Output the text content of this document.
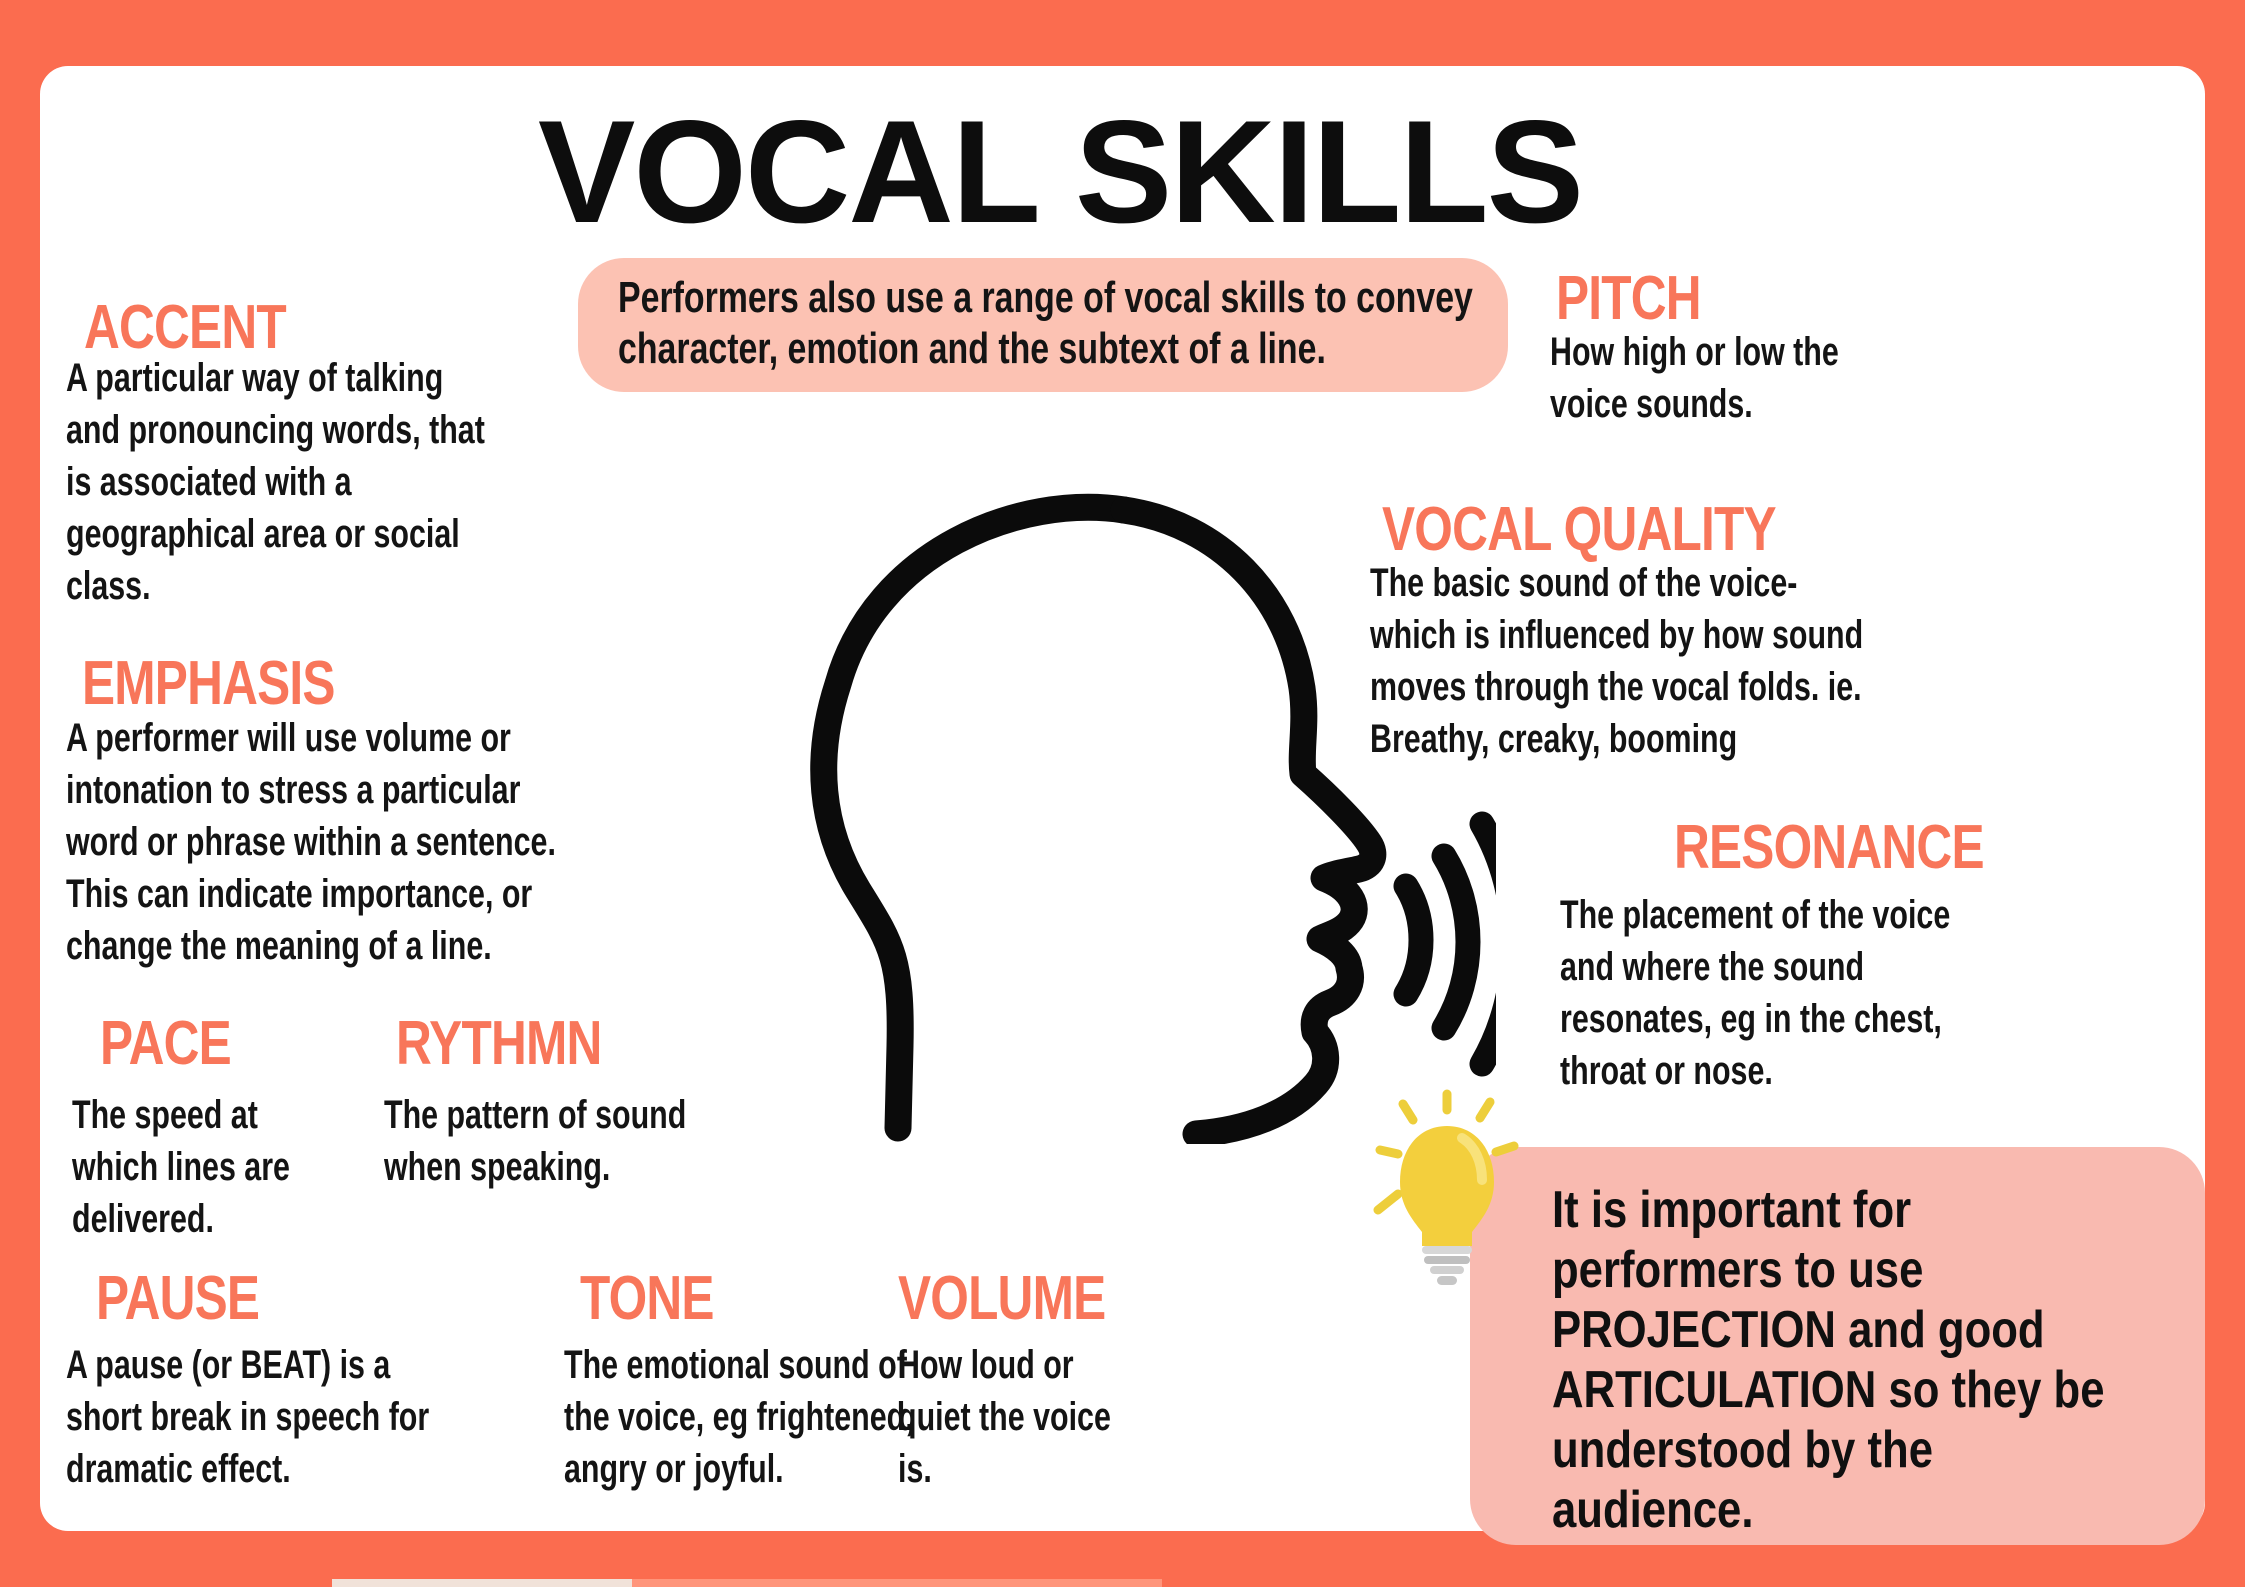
VOCAL SKILLS
Performers also use a range of vocal skills to convey
character, emotion and the subtext of a line.
ACCENT
A particular way of talking
and pronouncing words, that
is associated with a
geographical area or social
class.
EMPHASIS
A performer will use volume or
intonation to stress a particular
word or phrase within a sentence.
This can indicate importance, or
change the meaning of a line.
PACE
The speed at
which lines are
delivered.
RYTHMN
The pattern of sound
when speaking.
PAUSE
A pause (or BEAT) is a
short break in speech for
dramatic effect.
TONE
The emotional sound of
the voice, eg frightened,
angry or joyful.
VOLUME
How loud or
quiet the voice
is.
PITCH
How high or low the
voice sounds.
VOCAL QUALITY
The basic sound of the voice-
which is influenced by how sound
moves through the vocal folds. ie.
Breathy, creaky, booming
RESONANCE
The placement of the voice
and where the sound
resonates, eg in the chest,
throat or nose.
It is important for
performers to use
PROJECTION and good
ARTICULATION so they be
understood by the
audience.
